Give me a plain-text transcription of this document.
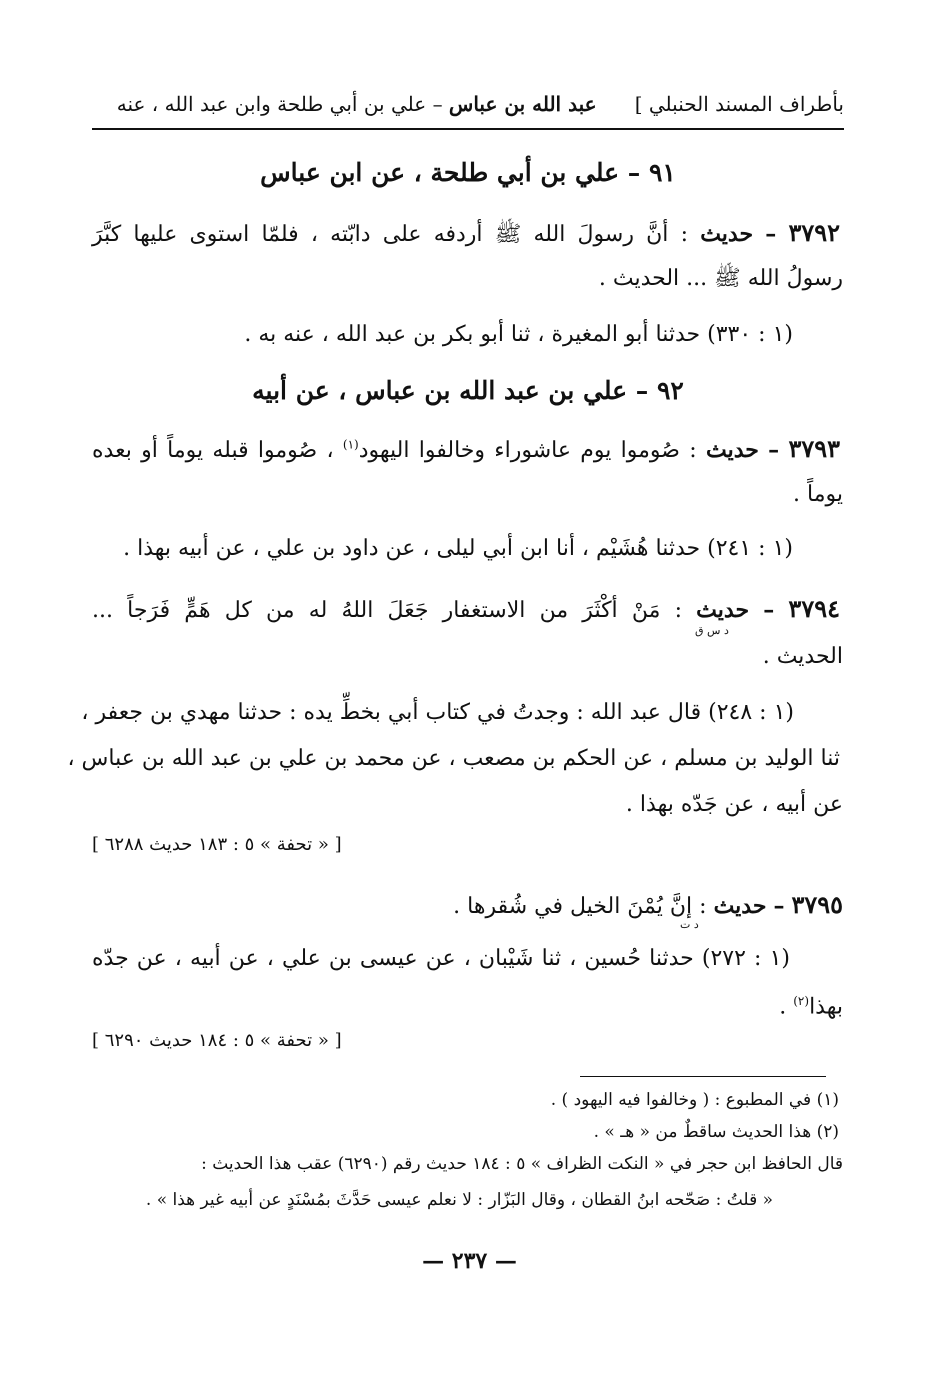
بأطراف المسند الحنبلي ]      عبد الله بن عباس – علي بن أبي طلحة وابن عبد الله ، عنه
٩١ – علي بن أبي طلحة ، عن ابن عباس
٣٧٩٢ – حديث : أنَّ رسولَ الله ﷺ أردفه على دابّته ، فلمّا استوى عليها كبَّرَ
رسولُ الله ﷺ ... الحديث .
(١ : ٣٣٠) حدثنا أبو المغيرة ، ثنا أبو بكر بن عبد الله ، عنه به .
٩٢ – علي بن عبد الله بن عباس ، عن أبيه
٣٧٩٣ – حديث : صُوموا يوم عاشوراء وخالفوا اليهود$^{(١)}$ ، صُوموا قبله يوماً أو بعده
يوماً .
(١ : ٢٤١) حدثنا هُشَيْم ، أنا ابن أبي ليلى ، عن داود بن علي ، عن أبيه بهذا .
٣٧٩٤ – حديث : مَنْ أكْثَرَ من الاستغفار جَعَلَ اللهُ له من كل هَمٍّ فَرَجاً ...
د س ق
الحديث .
(١ : ٢٤٨) قال عبد الله : وجدتُ في كتاب أبي بخطِّ يده : حدثنا مهدي بن جعفر ،
ثنا الوليد بن مسلم ، عن الحكم بن مصعب ، عن محمد بن علي بن عبد الله بن عباس ،
عن أبيه ، عن جَدّه بهذا .
[ « تحفة » ٥ : ١٨٣ حديث ٦٢٨٨ ]
٣٧٩٥ – حديث : إنَّ يُمْنَ الخيل في شُقرها .
د ت
(١ : ٢٧٢) حدثنا حُسين ، ثنا شَيْبان ، عن عيسى بن علي ، عن أبيه ، عن جدّه
بهذا$^{(٢)}$ .
[ « تحفة » ٥ : ١٨٤ حديث ٦٢٩٠ ]
(١) في المطبوع : ( وخالفوا فيه اليهود ) .
(٢) هذا الحديث ساقطٌ من « هـ » .
قال الحافظ ابن حجر في « النكت الظراف » ٥ : ١٨٤ حديث رقم (٦٢٩٠) عقب هذا الحديث :
« قلتُ : صَحّحه ابنُ القطان ، وقال البَزّار : لا نعلم عيسى حَدَّثَ بمُسْنَدٍ عن أبيه غير هذا » .
— ٢٣٧ —
